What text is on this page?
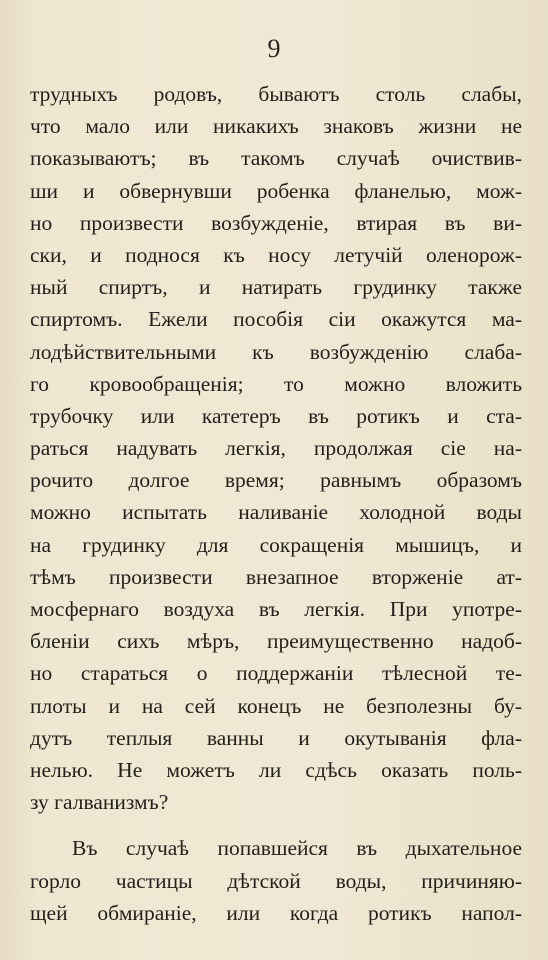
9
трудныхъ родовъ, бываютъ столь слабы,
что мало или никакихъ знаковъ жизни не
показываютъ; въ такомъ случаѣ очиствив-
ши и обвернувши робенка фланелью, мож-
но произвести возбужденіе, втирая въ ви-
ски, и поднося къ носу летучій оленорож-
ный спиртъ, и натирать грудинку также
спиртомъ. Ежели пособія сіи окажутся ма-
лодѣйствительными къ возбужденію слаба-
го кровообращенія; то можно вложить
трубочку или катетеръ въ ротикъ и ста-
раться надувать легкія, продолжая сіе на-
рочито долгое время; равнымъ образомъ
можно испытать наливаніе холодной воды
на грудинку для сокращенія мышицъ, и
тѣмъ произвести внезапное вторженіе ат-
мосфернаго воздуха въ легкія. При употре-
бленіи сихъ мѣръ, преимущественно надоб-
но стараться о поддержаніи тѣлесной те-
плоты и на сей конецъ не безполезны бу-
дутъ теплыя ванны и окутыванія фла-
нелью. Не можетъ ли сдѣсь оказать поль-
зу галванизмъ?
Въ случаѣ попавшейся въ дыхательное
горло частицы дѣтской воды, причиняю-
щей обмираніе, или когда ротикъ напол-
